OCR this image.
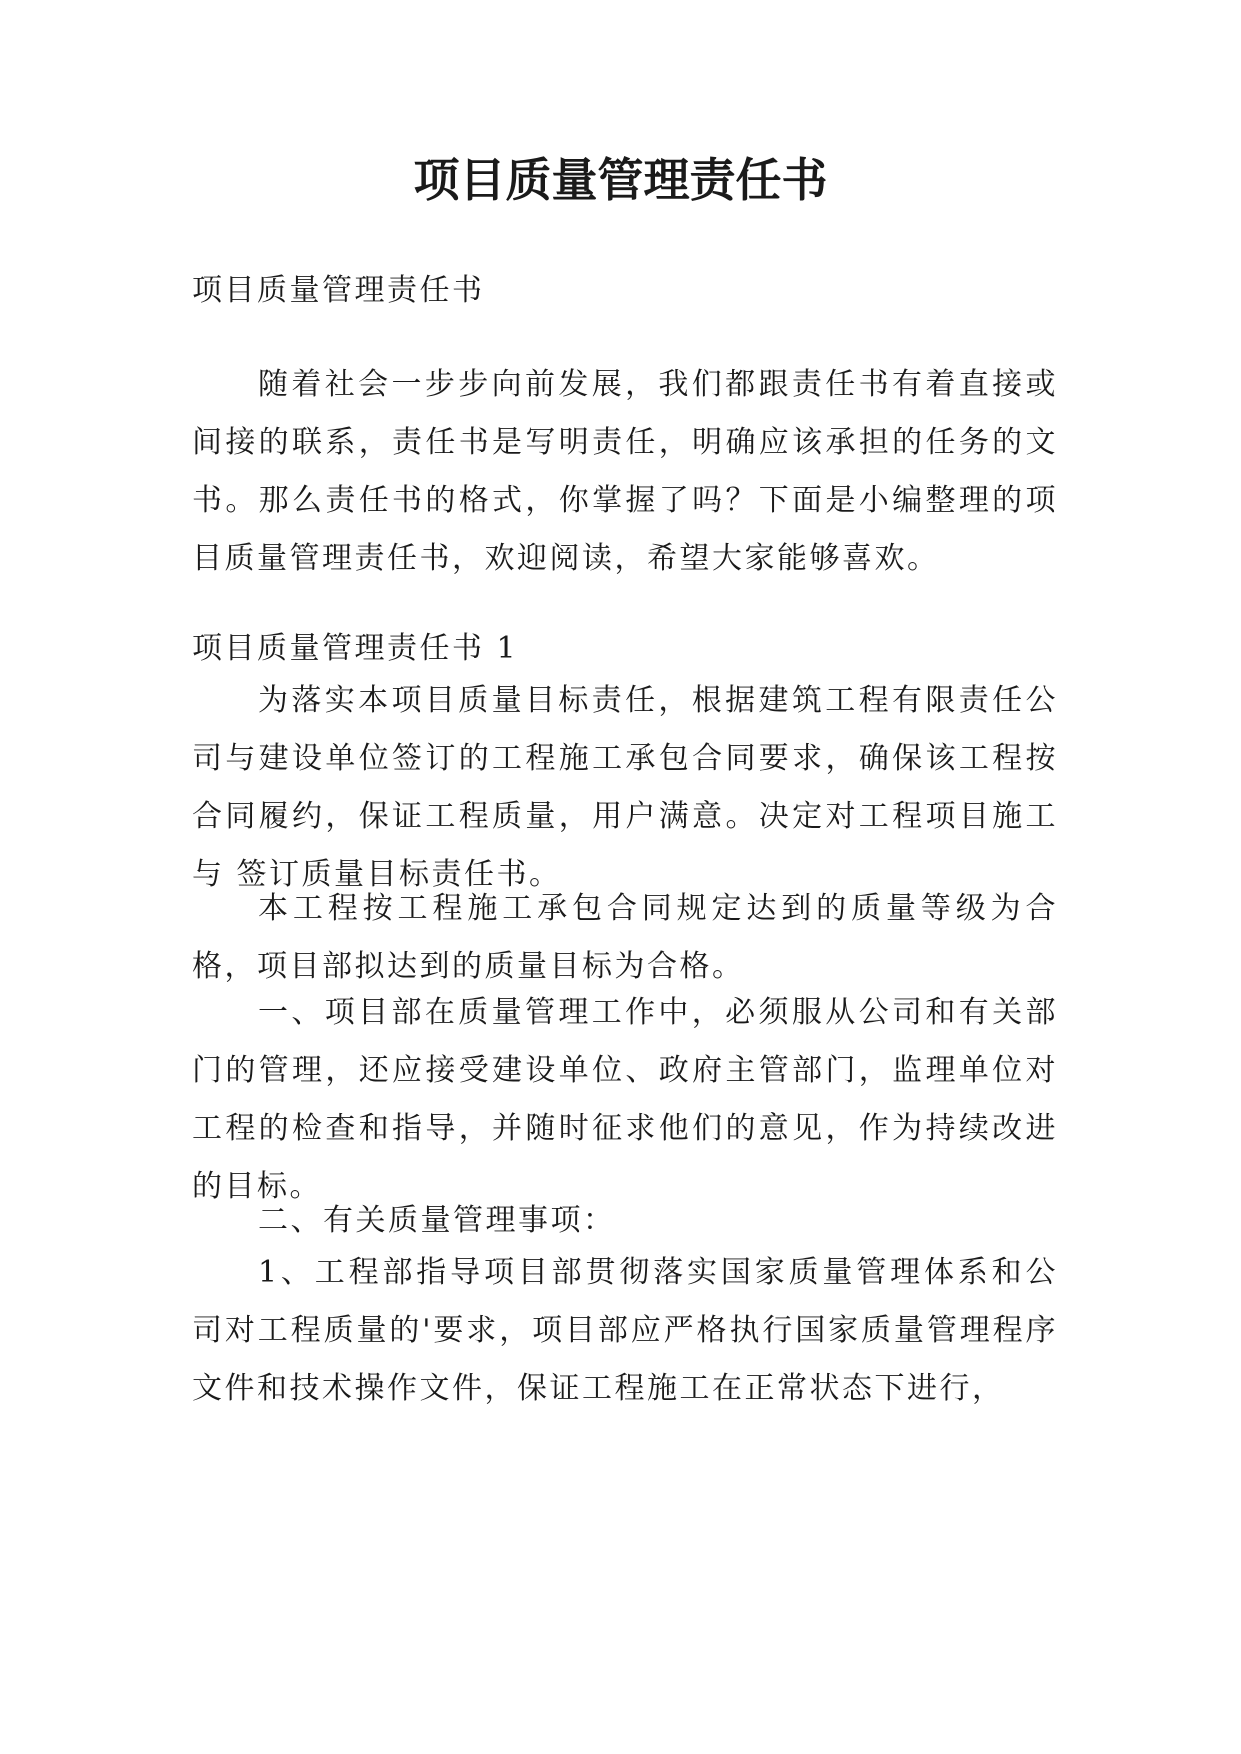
项目质量管理责任书

项目质量管理责任书

随着社会一步步向前发展，我们都跟责任书有着直接或间接的联系，责任书是写明责任，明确应该承担的任务的文书。那么责任书的格式，你掌握了吗？下面是小编整理的项目质量管理责任书，欢迎阅读，希望大家能够喜欢。

项目质量管理责任书 1

为落实本项目质量目标责任，根据建筑工程有限责任公司与建设单位签订的工程施工承包合同要求，确保该工程按合同履约，保证工程质量，用户满意。决定对工程项目施工与 签订质量目标责任书。

本工程按工程施工承包合同规定达到的质量等级为合格，项目部拟达到的质量目标为合格。

一、项目部在质量管理工作中，必须服从公司和有关部门的管理，还应接受建设单位、政府主管部门，监理单位对工程的检查和指导，并随时征求他们的意见，作为持续改进的目标。

二、有关质量管理事项：

1、工程部指导项目部贯彻落实国家质量管理体系和公司对工程质量的'要求，项目部应严格执行国家质量管理程序文件和技术操作文件，保证工程施工在正常状态下进行，
